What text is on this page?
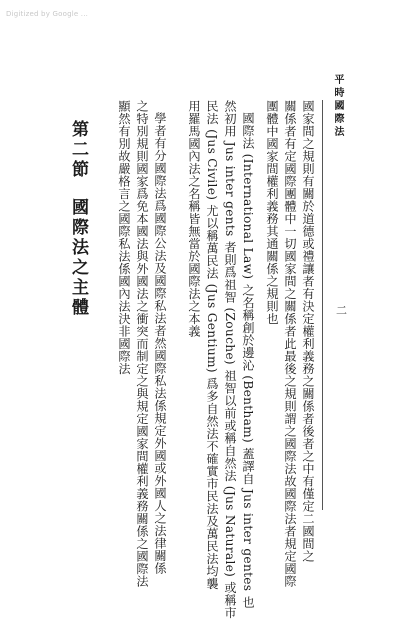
Digitized by Google ...
平時國際法
二
國家間之規則有關於道德或禮讓者有決定權利義務之關係者後者之中有僅定二國間之
關係者有定國際團體中一切國家間之關係者此最後之規則謂之國際法故國際法者規定國際
團體中國家間權利義務其通關係之規則也
國際法 (International Law) 之名稱創於邊沁 (Bentham) 蓋譯自 Jus inter gentes 也
然初用 Jus inter gents 者則爲祖智 (Zouche) 祖智以前或稱自然法 (Jus Naturale) 或稱市
民法 (Jus Civile) 尤以稱萬民法 (Jus Gentium) 爲多自然法不確實市民法及萬民法均襲
用羅馬國內法之名稱皆無當於國際法之本義
學者有分國際法爲國際公法及國際私法者然國際私法係規定外國或外國人之法律關係
之特別規則國家爲免本國法與外國法之衝突而制定之與規定國家間權利義務關係之國際法
顯然有別故嚴格言之國際私法係國內法決非國際法
第二節國際法之主體
